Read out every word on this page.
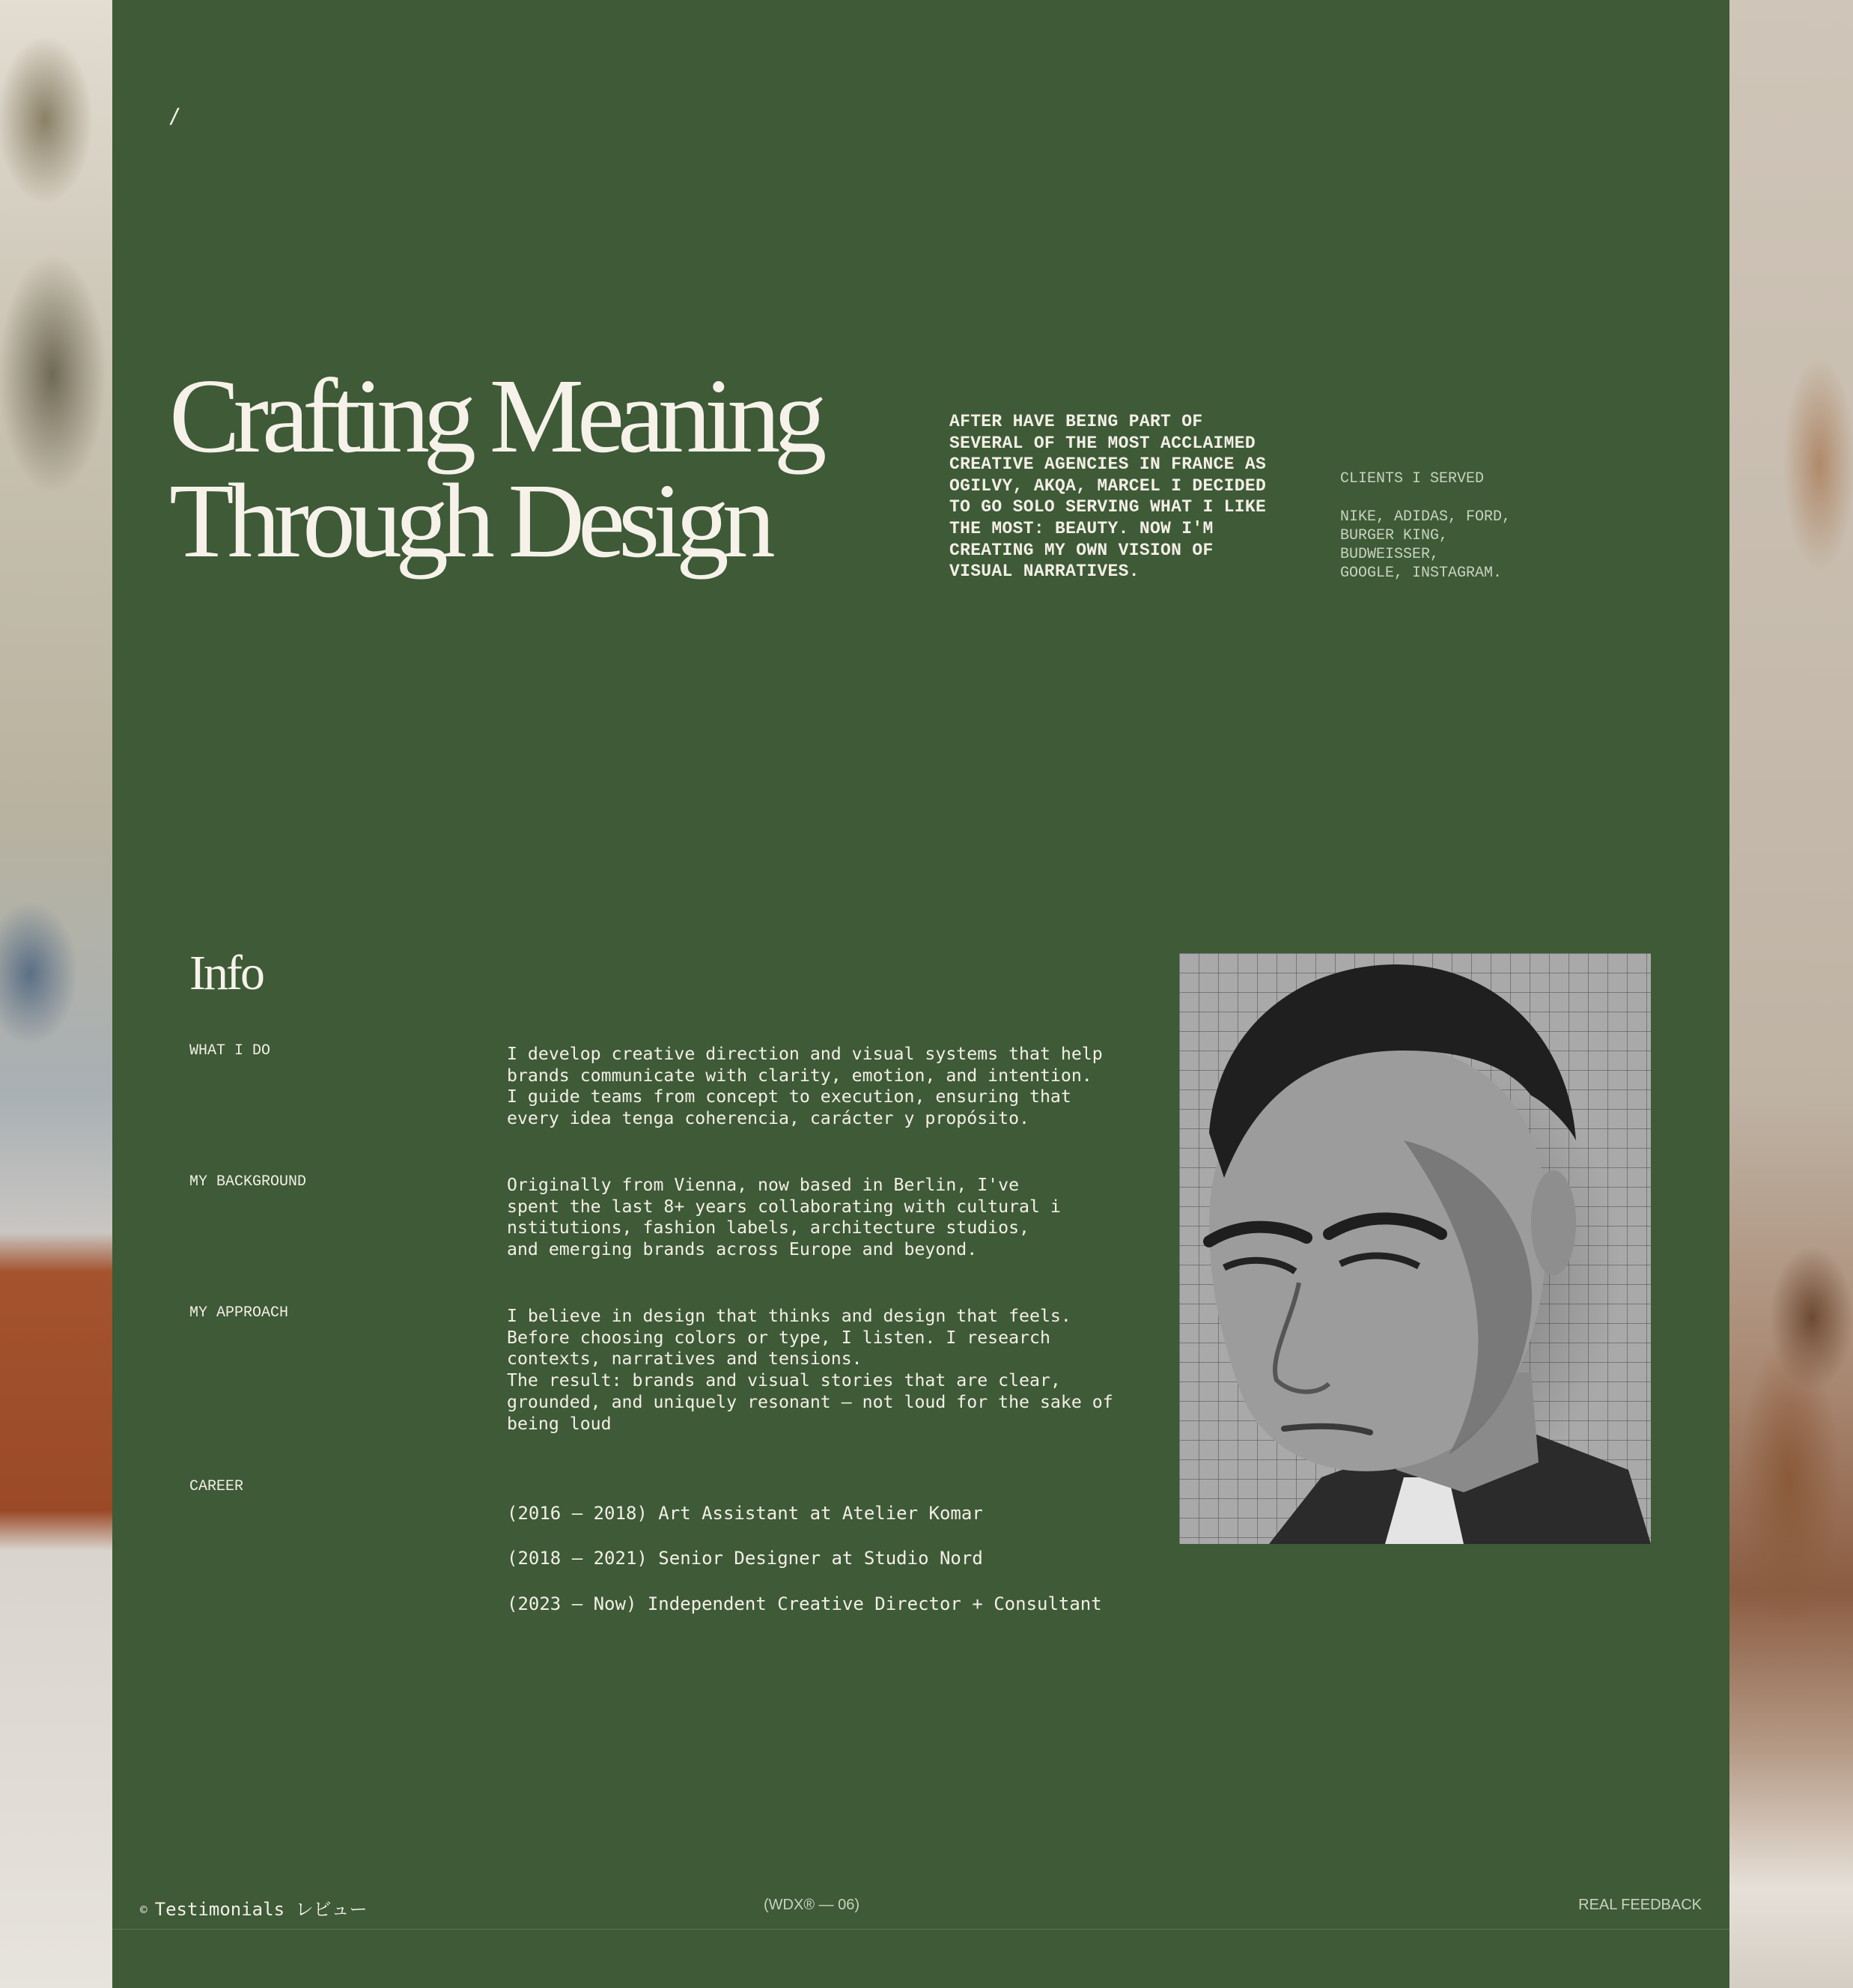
/
Crafting Meaning
Through Design
AFTER HAVE BEING PART OF
SEVERAL OF THE MOST ACCLAIMED
CREATIVE AGENCIES IN FRANCE AS
OGILVY, AKQA, MARCEL I DECIDED
TO GO SOLO SERVING WHAT I LIKE
THE MOST: BEAUTY. NOW I'M
CREATING MY OWN VISION OF
VISUAL NARRATIVES.
CLIENTS I SERVED
NIKE, ADIDAS, FORD,
BURGER KING,
BUDWEISSER,
GOOGLE, INSTAGRAM.
Info
WHAT I DO	I develop creative direction and visual systems that help
brands communicate with clarity, emotion, and intention.
I guide teams from concept to execution, ensuring that
every idea tenga coherencia, carácter y propósito.
MY BACKGROUND	Originally from Vienna, now based in Berlin, I've
spent the last 8+ years collaborating with cultural i
nstitutions, fashion labels, architecture studios,
and emerging brands across Europe and beyond.
MY APPROACH	I believe in design that thinks and design that feels.
Before choosing colors or type, I listen. I research
contexts, narratives and tensions.
The result: brands and visual stories that are clear,
grounded, and uniquely resonant — not loud for the sake of
being loud
CAREER

(2016 — 2018) Art Assistant at Atelier Komar

(2018 — 2021) Senior Designer at Studio Nord

(2023 — Now) Independent Creative Director + Consultant

© Testimonials レビュー	(WDX® — 06)	REAL FEEDBACK
